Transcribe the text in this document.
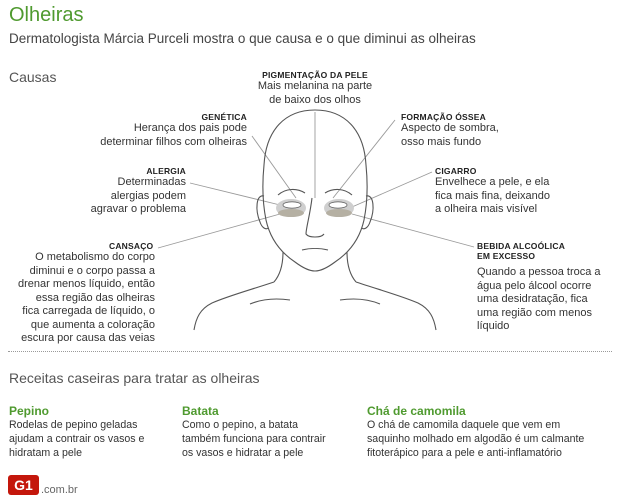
Olheiras
Dermatologista Márcia Purceli mostra o que causa e o que diminui as olheiras
Causas	PIGMENTAÇÃO DA PELE
Mais melanina na parte
de baixo dos olhos
GENÉTICA
Herança dos pais pode
determinar filhos com olheiras
FORMAÇÃO ÓSSEA
Aspecto de sombra,
osso mais fundo
ALERGIA
Determinadas
alergias podem
agravar o problema
CIGARRO
Envelhece a pele, e ela
fica mais fina, deixando
a olheira mais visível
CANSAÇO
O metabolismo do corpo
diminui e o corpo passa a
drenar menos líquido, então
essa região das olheiras
fica carregada de líquido, o
que aumenta a coloração
escura por causa das veias
BEBIDA ALCOÓLICA
EM EXCESSO
Quando a pessoa troca a
água pelo álcool ocorre
uma desidratação, fica
uma região com menos
líquido
Receitas caseiras para tratar as olheiras
Pepino
Rodelas de pepino geladas
ajudam a contrair os vasos e
hidratam a pele
Batata
Como o pepino, a batata
também funciona para contrair
os vasos e hidratar a pele
Chá de camomila
O chá de camomila daquele que vem em
saquinho molhado em algodão é um calmante
fitoterápico para a pele e anti-inflamatório
G1 .com.br
